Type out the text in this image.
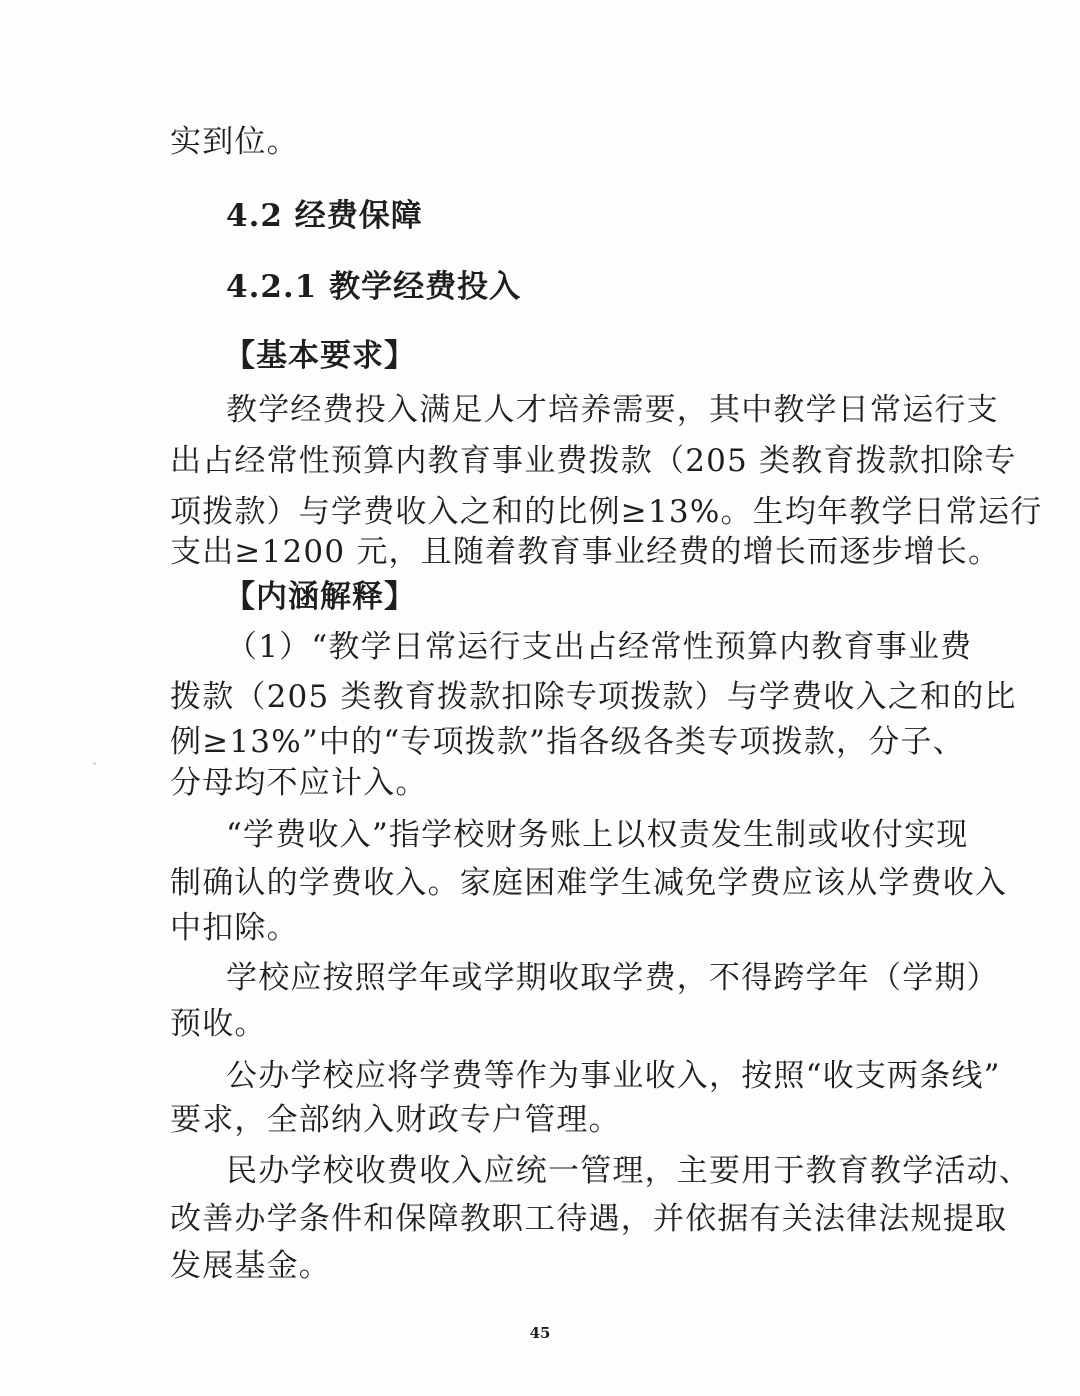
实到位。
4.2 经费保障
4.2.1 教学经费投入
【基本要求】
教学经费投入满足人才培养需要，其中教学日常运行支
出占经常性预算内教育事业费拨款（205 类教育拨款扣除专
项拨款）与学费收入之和的比例≥13%。生均年教学日常运行
支出≥1200 元，且随着教育事业经费的增长而逐步增长。
【内涵解释】
（1）“教学日常运行支出占经常性预算内教育事业费
拨款（205 类教育拨款扣除专项拨款）与学费收入之和的比
例≥13%”中的“专项拨款”指各级各类专项拨款，分子、
分母均不应计入。
“学费收入”指学校财务账上以权责发生制或收付实现
制确认的学费收入。家庭困难学生减免学费应该从学费收入
中扣除。
学校应按照学年或学期收取学费，不得跨学年（学期）
预收。
公办学校应将学费等作为事业收入，按照“收支两条线”
要求，全部纳入财政专户管理。
民办学校收费收入应统一管理，主要用于教育教学活动、
改善办学条件和保障教职工待遇，并依据有关法律法规提取
发展基金。
45
